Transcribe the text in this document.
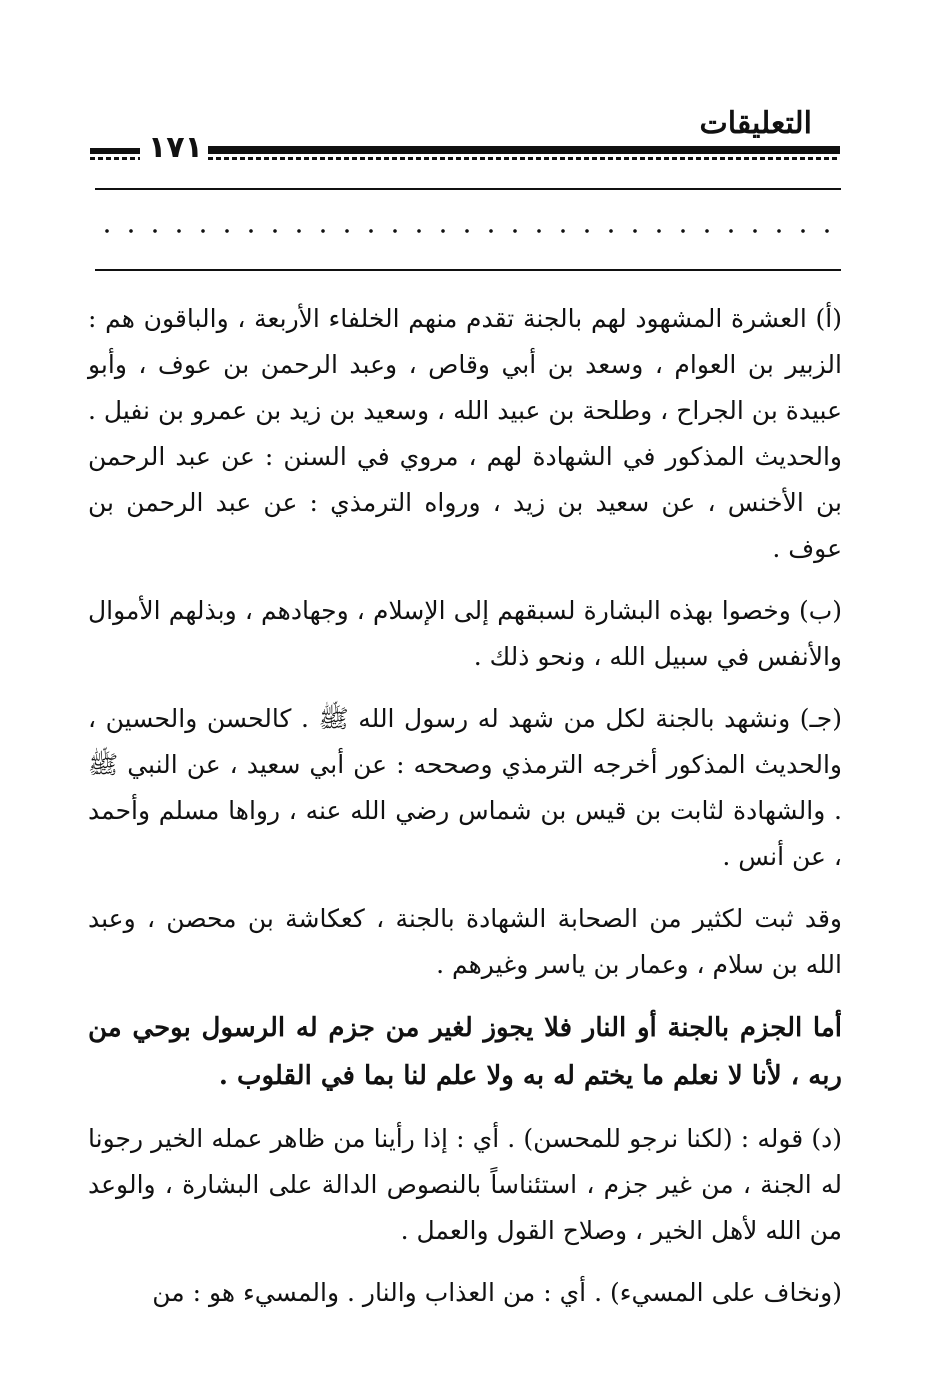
التعليقات
١٧١

(أ) العشرة المشهود لهم بالجنة تقدم منهم الخلفاء الأربعة ، والباقون هم : الزبير بن العوام ، وسعد بن أبي وقاص ، وعبد الرحمن بن عوف ، وأبو عبيدة بن الجراح ، وطلحة بن عبيد الله ، وسعيد بن زيد بن عمرو بن نفيل . والحديث المذكور في الشهادة لهم ، مروي في السنن : عن عبد الرحمن بن الأخنس ، عن سعيد بن زيد ، ورواه الترمذي : عن عبد الرحمن بن عوف .

(ب) وخصوا بهذه البشارة لسبقهم إلى الإسلام ، وجهادهم ، وبذلهم الأموال والأنفس في سبيل الله ، ونحو ذلك .

(جـ) ونشهد بالجنة لكل من شهد له رسول الله ﷺ . كالحسن والحسين ، والحديث المذكور أخرجه الترمذي وصححه : عن أبي سعيد ، عن النبي ﷺ . والشهادة لثابت بن قيس بن شماس رضي الله عنه ، رواها مسلم وأحمد ، عن أنس .

وقد ثبت لكثير من الصحابة الشهادة بالجنة ، كعكاشة بن محصن ، وعبد الله بن سلام ، وعمار بن ياسر وغيرهم .

أما الجزم بالجنة أو النار فلا يجوز لغير من جزم له الرسول بوحي من ربه ، لأنا لا نعلم ما يختم له به ولا علم لنا بما في القلوب .

(د) قوله : (لكنا نرجو للمحسن) . أي : إذا رأينا من ظاهر عمله الخير رجونا له الجنة ، من غير جزم ، استئناساً بالنصوص الدالة على البشارة ، والوعد من الله لأهل الخير ، وصلاح القول والعمل .

(ونخاف على المسيء) . أي : من العذاب والنار . والمسيء هو : من
